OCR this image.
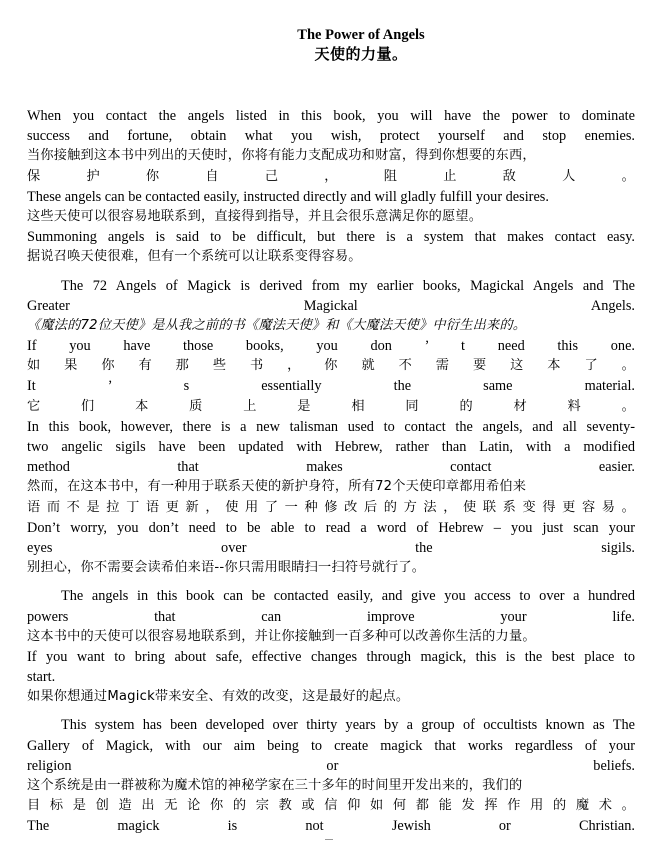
The Power of Angels
天使的力量。
When you contact the angels listed in this book, you will have the power to dominate
success and fortune, obtain what you wish, protect yourself and stop enemies.
当你接触到这本书中列出的天使时，你将有能力支配成功和财富，得到你想要的东西，
保 护 你 自 己 ， 阻 止 敌 人 。
These angels can be contacted easily, instructed directly and will gladly fulfill your desires.
这些天使可以很容易地联系到，直接得到指导，并且会很乐意满足你的愿望。
Summoning angels is said to be difficult, but there is a system that makes contact easy.
据说召唤天使很难，但有一个系统可以让联系变得容易。
The 72 Angels of Magick is derived from my earlier books, Magickal Angels and The
Greater Magickal Angels.
《魔法的72位天使》是从我之前的书《魔法天使》和《大魔法天使》中衍生出来的。
If you have those books, you don ’ t need this one.
如 果 你 有 那 些 书 ， 你 就 不 需 要 这 本 了 。
It ’ s essentially the same material.
它 们 本 质 上 是 相 同 的 材 料 。
In this book, however, there is a new talisman used to contact the angels, and all seventy-
two angelic sigils have been updated with Hebrew, rather than Latin, with a modified
method that makes contact easier.
然而，在这本书中，有一种用于联系天使的新护身符，所有72个天使印章都用希伯来
语 而 不 是 拉 丁 语 更 新 ， 使 用 了 一 种 修 改 后 的 方 法 ， 使 联 系 变 得 更 容 易 。
Don’t worry, you don’t need to be able to read a word of Hebrew – you just scan your
eyes over the sigils.
别担心，你不需要会读希伯来语--你只需用眼睛扫一扫符号就行了。
The angels in this book can be contacted easily, and give you access to over a hundred
powers that can improve your life.
这本书中的天使可以很容易地联系到，并让你接触到一百多种可以改善你生活的力量。
If you want to bring about safe, effective changes through magick, this is the best place to
start.
如果你想通过Magick带来安全、有效的改变，这是最好的起点。
This system has been developed over thirty years by a group of occultists known as The
Gallery of Magick, with our aim being to create magick that works regardless of your
religion or beliefs.
这个系统是由一群被称为魔术馆的神秘学家在三十多年的时间里开发出来的，我们的
目 标 是 创 造 出 无 论 你 的 宗 教 或 信 仰 如 何 都 能 发 挥 作 用 的 魔 术 。
The magick is not Jewish or Christian.
